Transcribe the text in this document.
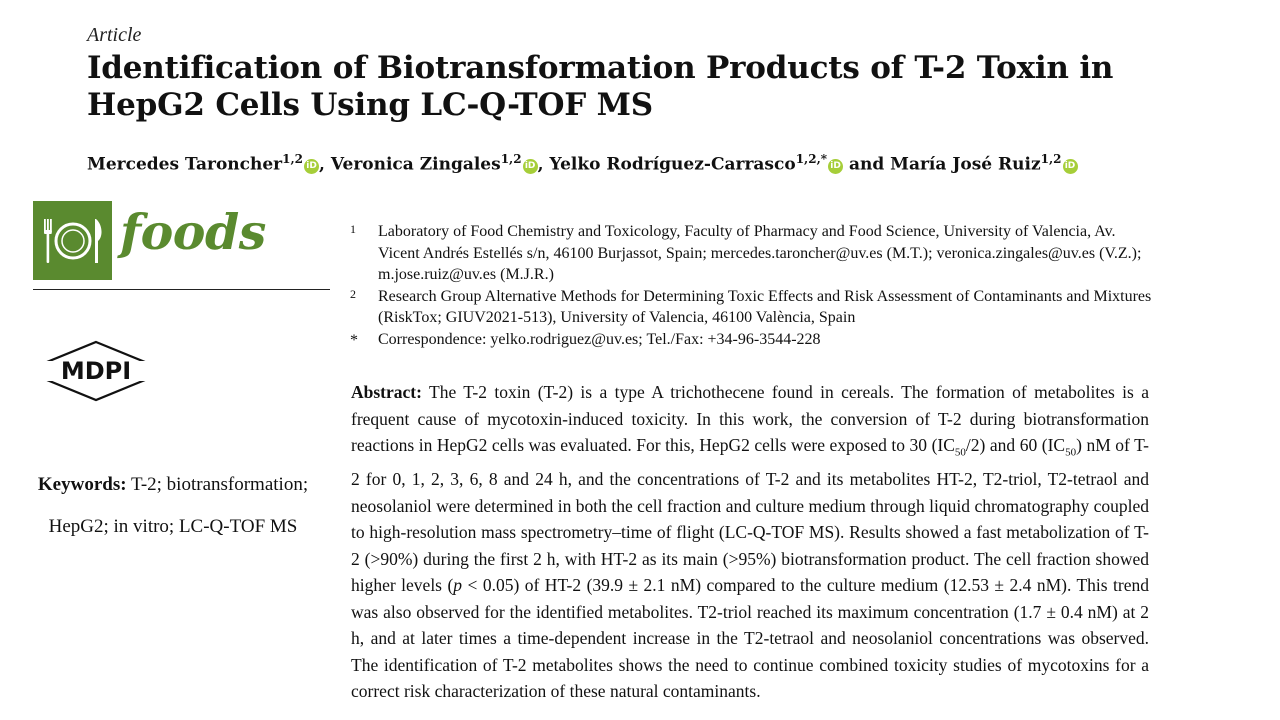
Article
Identification of Biotransformation Products of T-2 Toxin in HepG2 Cells Using LC-Q-TOF MS
Mercedes Taroncher$^{1,2}$ iD , Veronica Zingales$^{1,2}$ iD , Yelko Rodríguez-Carrasco$^{1,2,*}$ iD and María José Ruiz$^{1,2}$ iD
foods
MDPI
Keywords: T-2; biotransformation; HepG2; in vitro; LC-Q-TOF MS
1 Laboratory of Food Chemistry and Toxicology, Faculty of Pharmacy and Food Science, University of Valencia, Av. Vicent Andrés Estellés s/n, 46100 Burjassot, Spain; mercedes.taroncher@uv.es (M.T.); veronica.zingales@uv.es (V.Z.); m.jose.ruiz@uv.es (M.J.R.)
2 Research Group Alternative Methods for Determining Toxic Effects and Risk Assessment of Contaminants and Mixtures (RiskTox; GIUV2021-513), University of Valencia, 46100 València, Spain
* Correspondence: yelko.rodriguez@uv.es; Tel./Fax: +34-96-3544-228

Abstract: The T-2 toxin (T-2) is a type A trichothecene found in cereals. The formation of metabolites is a frequent cause of mycotoxin-induced toxicity. In this work, the conversion of T-2 during biotransformation reactions in HepG2 cells was evaluated. For this, HepG2 cells were exposed to 30 $(IC_{50}/2)$ and 60 $(IC_{50})$ nM of T-2 for 0, 1, 2, 3, 6, 8 and 24 h, and the concentrations of T-2 and its metabolites HT-2, T2-triol, T2-tetraol and neosolaniol were determined in both the cell fraction and culture medium through liquid chromatography coupled to high-resolution mass spectrometry–time of flight (LC-Q-TOF MS). Results showed a fast metabolization of T-2 (>90%) during the first 2 h, with HT-2 as its main (>95%) biotransformation product. The cell fraction showed higher levels (p < 0.05) of HT-2 (39.9 ± 2.1 nM) compared to the culture medium (12.53 ± 2.4 nM). This trend was also observed for the identified metabolites. T2-triol reached its maximum concentration (1.7 ± 0.4 nM) at 2 h, and at later times a time-dependent increase in the T2-tetraol and neosolaniol concentrations was observed. The identification of T-2 metabolites shows the need to continue combined toxicity studies of mycotoxins for a correct risk characterization of these natural contaminants.
